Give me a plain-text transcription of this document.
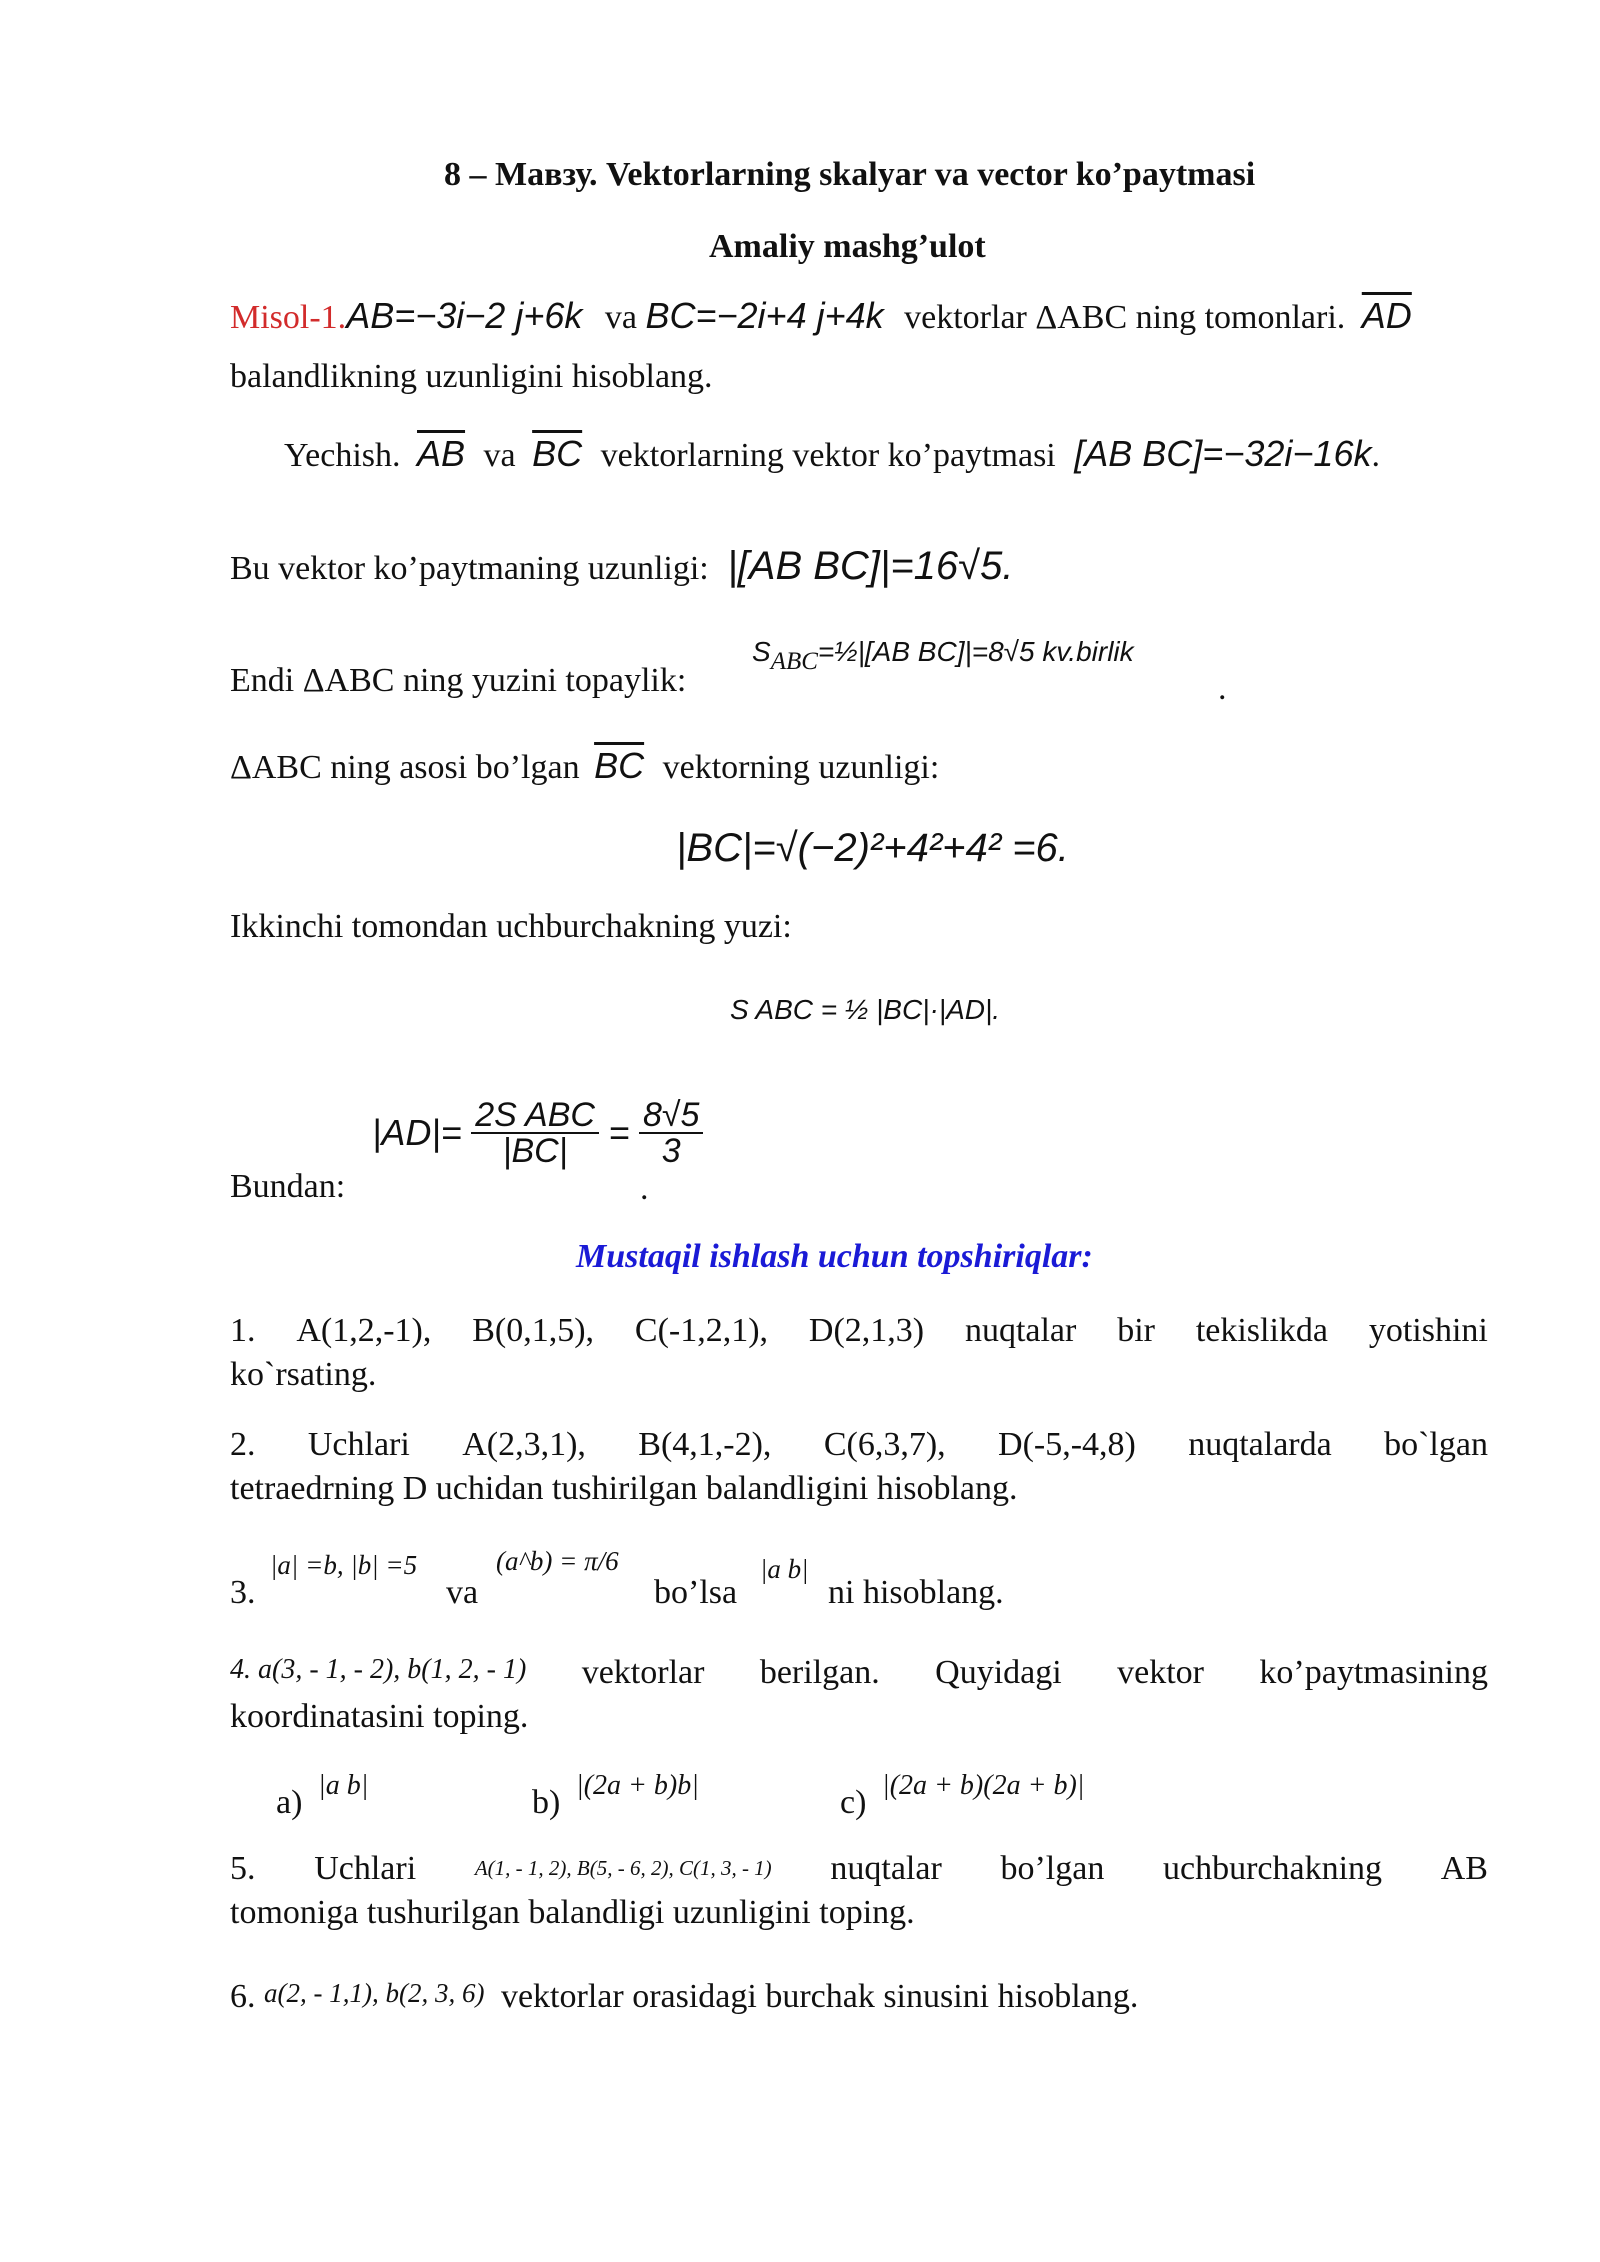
8 – Мавзу. Vektorlarning skalyar va vector ko’paytmasi
Amaliy mashg’ulot
Misol-1.AB=−3i−2 j+6k va BC=−2i+4 j+4k vektorlar ΔABC ning tomonlari. $\overline{AD}$
balandlikning uzunligini hisoblang.
Yechish. $\overline{AB}$ va $\overline{BC}$ vektorlarning vektor ko’paytmasi [AB BC]=−32i−16k.
Bu vektor ko’paytmaning uzunligi: |[AB BC]|=16√5.
Endi ΔABC ning yuzini topaylik:
$S_{ABC}=\frac{1}{2}|[AB$ BC]|=8√5 kv.birlik
.
ΔABC ning asosi bo’lgan $\overline{BC}$ vektorning uzunligi:
|BC|=√(−2)²+4²+4² =6.
Ikkinchi tomondan uchburchakning yuzi:
S ABC = ½ |BC|·|AD|.
Bundan:
$|AD|= \frac{\text{2S ABC}}{|BC|} = \frac{8√5}{3}$
.
Mustaqil ishlash uchun topshiriqlar:
1. A(1,2,-1), B(0,1,5), C(-1,2,1), D(2,1,3) nuqtalar bir tekislikda yotishini
ko`rsating.
2. Uchlari A(2,3,1), B(4,1,-2), C(6,3,7), D(-5,-4,8) nuqtalarda bo`lgan
tetraedrning D uchidan tushirilgan balandligini hisoblang.
3.
|a| =b, |b| =5
va
(a^b) = π/6
bo’lsa
|a b|
ni hisoblang.
4. a(3, - 1, - 2), b(1, 2, - 1) vektorlar berilgan. Quyidagi vektor ko’paytmasining
koordinatasini toping.
a) |a b|	b) |(2a + b)b|	c) |(2a + b)(2a + b)|
5. Uchlari	A(1, - 1, 2), B(5, - 6, 2), C(1, 3, - 1) nuqtalar bo’lgan uchburchakning AB
tomoniga tushurilgan balandligi uzunligini toping.
6. $^{a(2, - 1,1), b(2, 3, 6)}$ vektorlar orasidagi burchak sinusini hisoblang.
